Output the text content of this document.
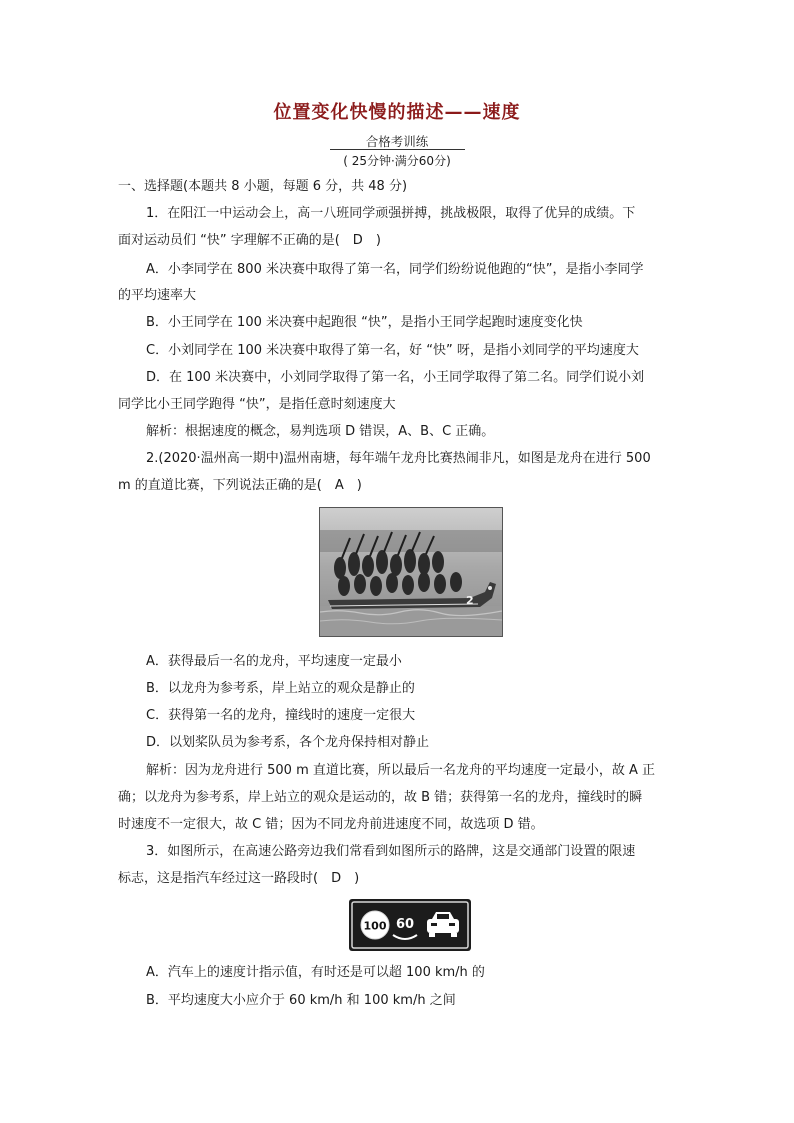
位置变化快慢的描述——速度
合格考训练
( 25分钟·满分60分)
一、选择题(本题共 8 小题，每题 6 分，共 48 分)
1．在阳江一中运动会上，高一八班同学顽强拼搏，挑战极限，取得了优异的成绩。下
面对运动员们 “快” 字理解不正确的是(　D　)
A．小李同学在 800 米决赛中取得了第一名，同学们纷纷说他跑的“快”，是指小李同学
的平均速率大
B．小王同学在 100 米决赛中起跑很 “快”，是指小王同学起跑时速度变化快
C．小刘同学在 100 米决赛中取得了第一名，好 “快” 呀，是指小刘同学的平均速度大
D．在 100 米决赛中，小刘同学取得了第一名，小王同学取得了第二名。同学们说小刘
同学比小王同学跑得 “快”，是指任意时刻速度大
解析：根据速度的概念，易判选项 D 错误，A、B、C 正确。
2.(2020·温州高一期中)温州南塘，每年端午龙舟比赛热闹非凡，如图是龙舟在进行 500
m 的直道比赛，下列说法正确的是(　A　)
2
A．获得最后一名的龙舟，平均速度一定最小
B．以龙舟为参考系，岸上站立的观众是静止的
C．获得第一名的龙舟，撞线时的速度一定很大
D．以划桨队员为参考系，各个龙舟保持相对静止
解析：因为龙舟进行 500 m 直道比赛，所以最后一名龙舟的平均速度一定最小，故 A 正
确；以龙舟为参考系，岸上站立的观众是运动的，故 B 错；获得第一名的龙舟，撞线时的瞬
时速度不一定很大，故 C 错；因为不同龙舟前进速度不同，故选项 D 错。
3．如图所示，在高速公路旁边我们常看到如图所示的路牌，这是交通部门设置的限速
标志，这是指汽车经过这一路段时(　D　)
100 60
A．汽车上的速度计指示值，有时还是可以超 100 km/h 的
B．平均速度大小应介于 60 km/h 和 100 km/h 之间
